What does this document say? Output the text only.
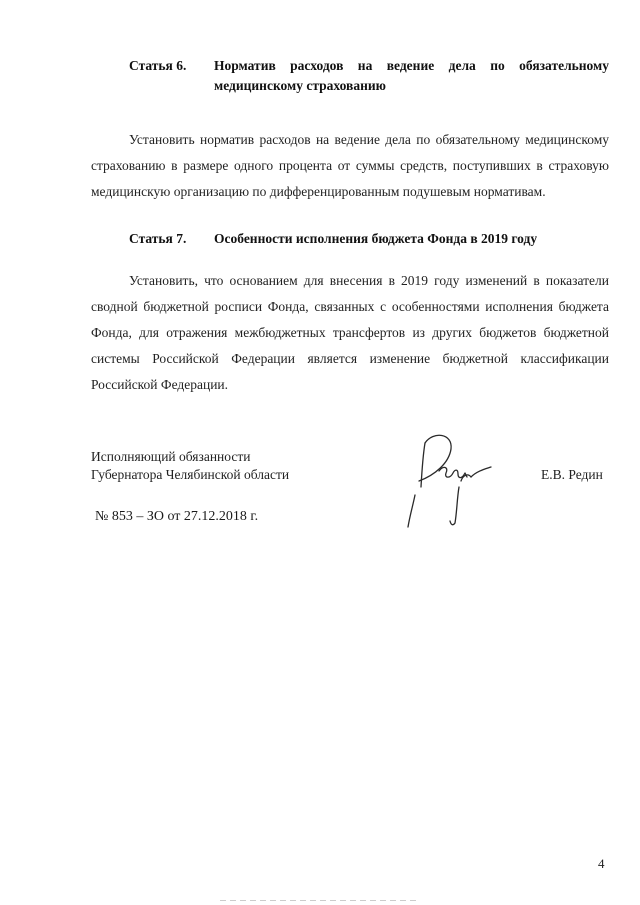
Статья 6. Норматив расходов на ведение дела по обязательному медицинскому страхованию
Установить норматив расходов на ведение дела по обязательному медицинскому страхованию в размере одного процента от суммы средств, поступивших в страховую медицинскую организацию по дифференцированным подушевым нормативам.
Статья 7. Особенности исполнения бюджета Фонда в 2019 году
Установить, что основанием для внесения в 2019 году изменений в показатели сводной бюджетной росписи Фонда, связанных с особенностями исполнения бюджета Фонда, для отражения межбюджетных трансфертов из других бюджетов бюджетной системы Российской Федерации является изменение бюджетной классификации Российской Федерации.
Исполняющий обязанности
Губернатора Челябинской области	Е.В. Редин
№ 853 – ЗО от 27.12.2018 г.
4
